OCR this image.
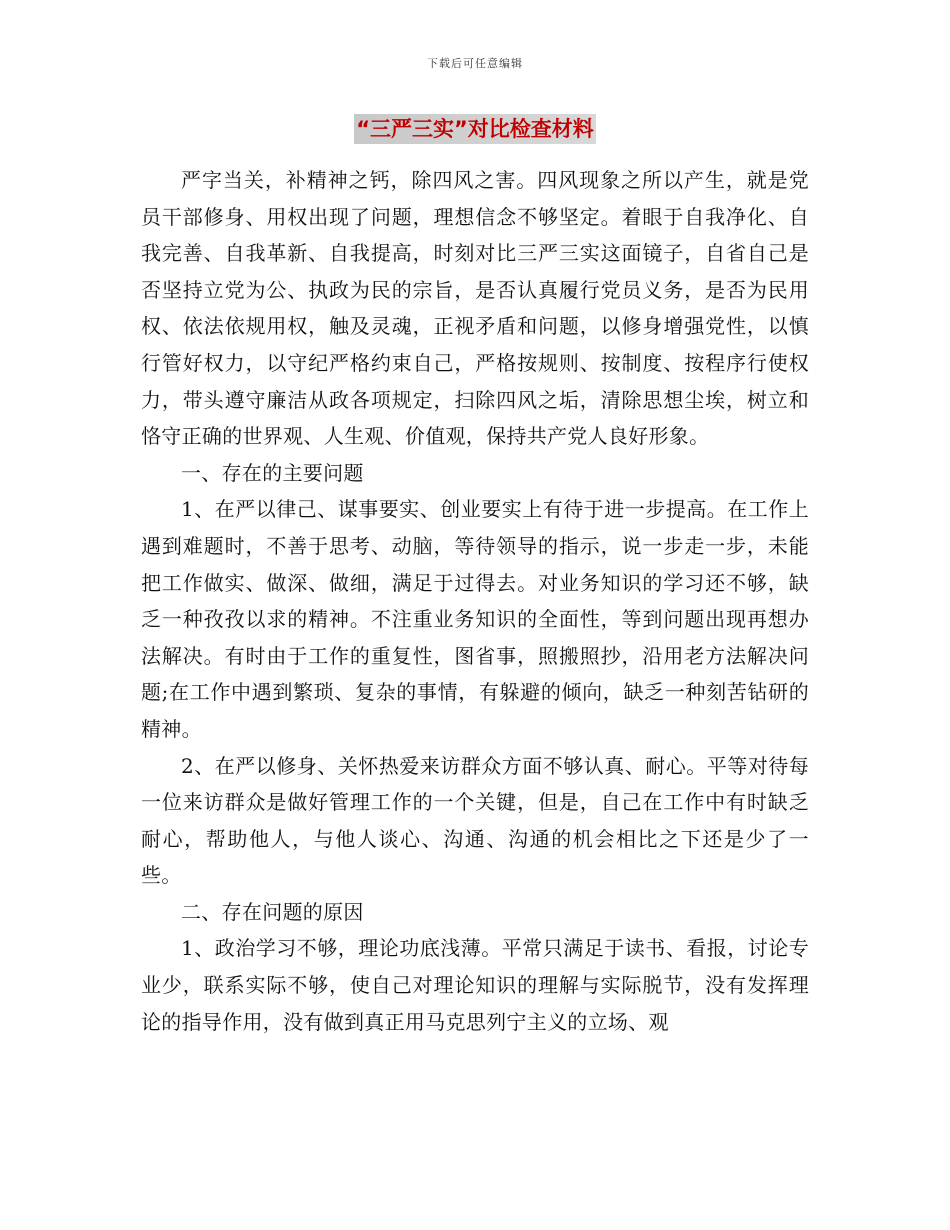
下载后可任意编辑
“三严三实”对比检查材料

严字当关，补精神之钙，除四风之害。四风现象之所以产生，就是党员干部修身、用权出现了问题，理想信念不够坚定。着眼于自我净化、自我完善、自我革新、自我提高，时刻对比三严三实这面镜子，自省自己是否坚持立党为公、执政为民的宗旨，是否认真履行党员义务，是否为民用权、依法依规用权，触及灵魂，正视矛盾和问题，以修身增强党性，以慎行管好权力，以守纪严格约束自己，严格按规则、按制度、按程序行使权力，带头遵守廉洁从政各项规定，扫除四风之垢，清除思想尘埃，树立和恪守正确的世界观、人生观、价值观，保持共产党人良好形象。

一、存在的主要问题

1、在严以律己、谋事要实、创业要实上有待于进一步提高。在工作上遇到难题时，不善于思考、动脑，等待领导的指示，说一步走一步，未能把工作做实、做深、做细，满足于过得去。对业务知识的学习还不够，缺乏一种孜孜以求的精神。不注重业务知识的全面性，等到问题出现再想办法解决。有时由于工作的重复性，图省事，照搬照抄，沿用老方法解决问题;在工作中遇到繁琐、复杂的事情，有躲避的倾向，缺乏一种刻苦钻研的精神。

2、在严以修身、关怀热爱来访群众方面不够认真、耐心。平等对待每一位来访群众是做好管理工作的一个关键，但是，自己在工作中有时缺乏耐心，帮助他人，与他人谈心、沟通、沟通的机会相比之下还是少了一些。

二、存在问题的原因

1、政治学习不够，理论功底浅薄。平常只满足于读书、看报，讨论专业少，联系实际不够，使自己对理论知识的理解与实际脱节，没有发挥理论的指导作用，没有做到真正用马克思列宁主义的立场、观
